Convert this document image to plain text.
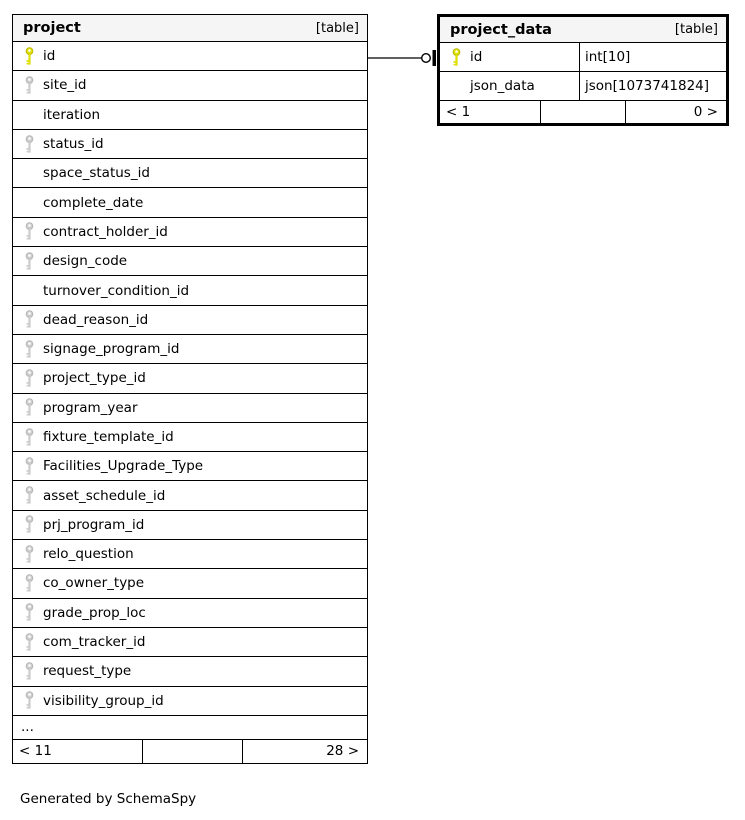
project	[table]
id
site_id
iteration
status_id
space_status_id
complete_date
contract_holder_id
design_code
turnover_condition_id
dead_reason_id
signage_program_id
project_type_id
program_year
fixture_template_id
Facilities_Upgrade_Type
asset_schedule_id
prj_program_id
relo_question
co_owner_type
grade_prop_loc
com_tracker_id
request_type
visibility_group_id
...
< 11	28 >
project_data	[table]
id	int[10]
json_data	json[1073741824]
< 1	0 >
Generated by SchemaSpy
